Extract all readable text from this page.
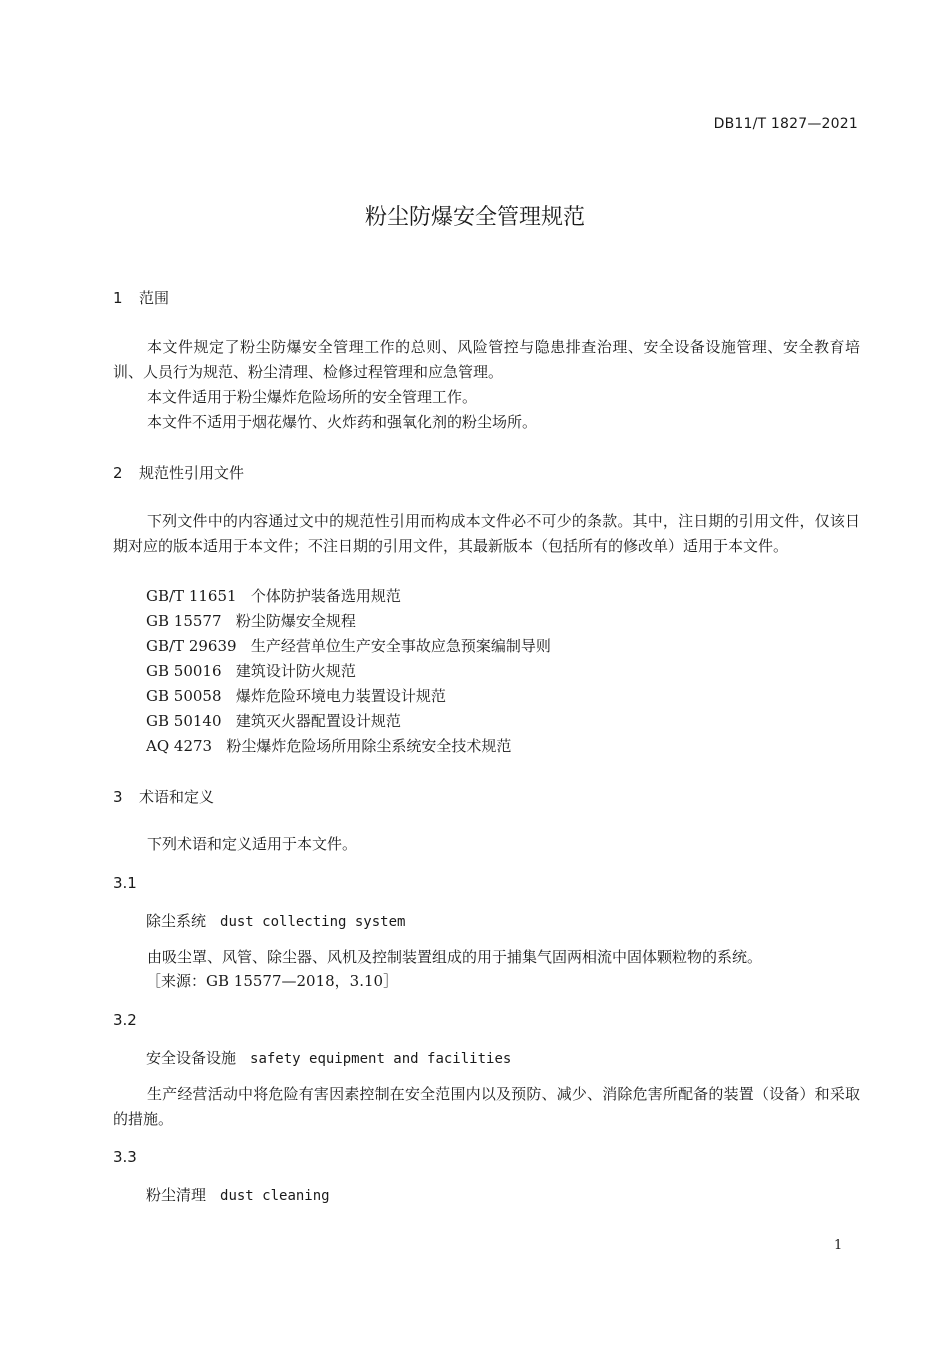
DB11/T 1827—2021
粉尘防爆安全管理规范
1 范围
本文件规定了粉尘防爆安全管理工作的总则、风险管控与隐患排查治理、安全设备设施管理、安全教育培训、人员行为规范、粉尘清理、检修过程管理和应急管理。
本文件适用于粉尘爆炸危险场所的安全管理工作。
本文件不适用于烟花爆竹、火炸药和强氧化剂的粉尘场所。
2 规范性引用文件
下列文件中的内容通过文中的规范性引用而构成本文件必不可少的条款。其中，注日期的引用文件，仅该日期对应的版本适用于本文件；不注日期的引用文件，其最新版本（包括所有的修改单）适用于本文件。
GB/T 11651 个体防护装备选用规范
GB 15577 粉尘防爆安全规程
GB/T 29639 生产经营单位生产安全事故应急预案编制导则
GB 50016 建筑设计防火规范
GB 50058 爆炸危险环境电力装置设计规范
GB 50140 建筑灭火器配置设计规范
AQ 4273 粉尘爆炸危险场所用除尘系统安全技术规范
3 术语和定义
下列术语和定义适用于本文件。
3.1
除尘系统 dust collecting system
由吸尘罩、风管、除尘器、风机及控制装置组成的用于捕集气固两相流中固体颗粒物的系统。
［来源：GB 15577—2018，3.10］
3.2
安全设备设施 safety equipment and facilities
生产经营活动中将危险有害因素控制在安全范围内以及预防、减少、消除危害所配备的装置（设备）和采取的措施。
3.3
粉尘清理 dust cleaning
1
